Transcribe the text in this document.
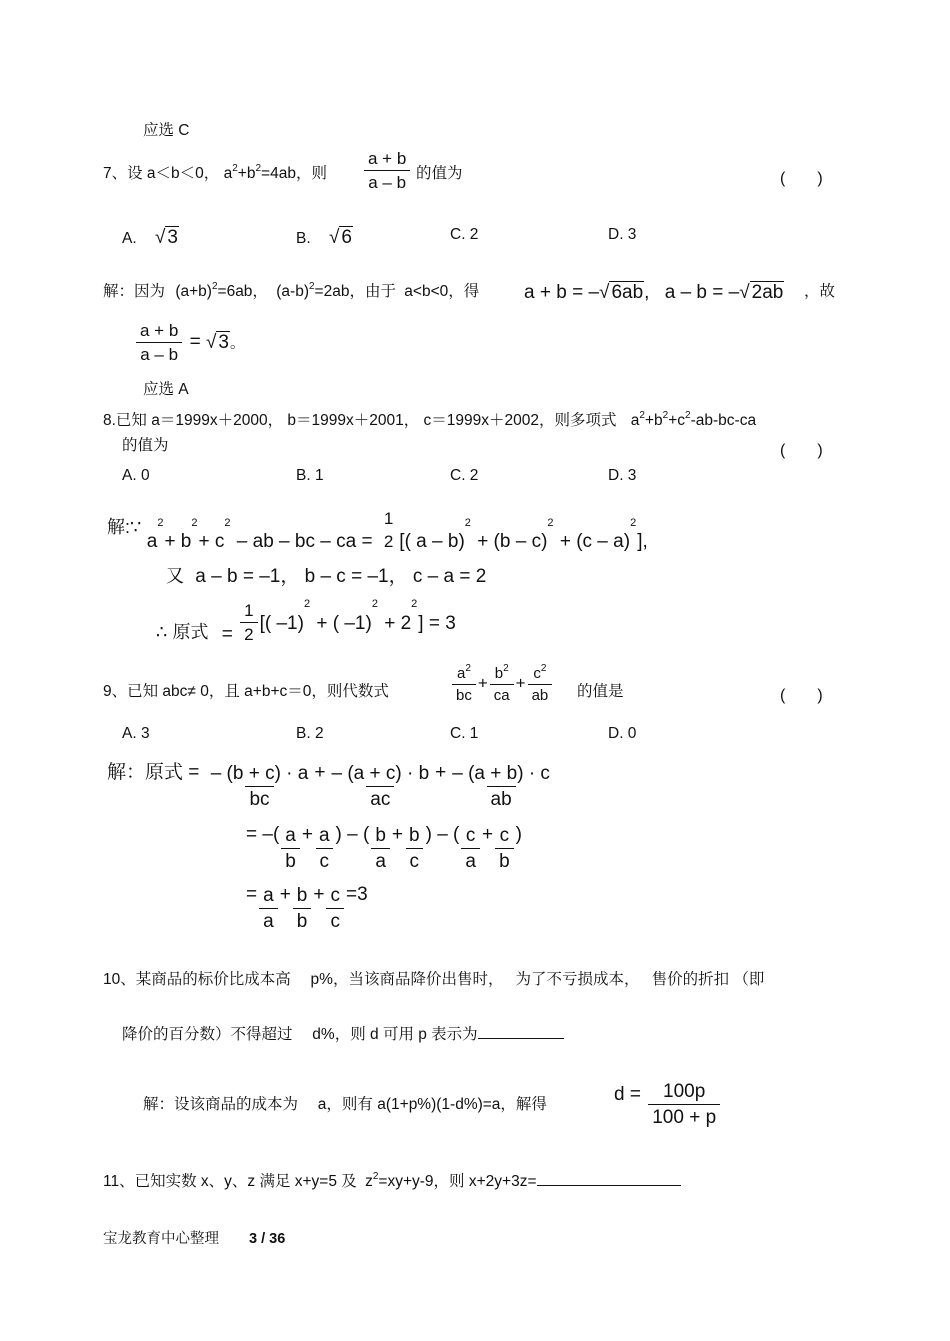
应选 C
7、设 a＜b＜0， $a^2+b^2=4ab$，则 $\frac{a + b}{a - b}$ 的值为	(　　)
A. √ 3	B. √ 6	C. 2	D. 3
解：因为 $(a+b)^2=6ab$， $(a-b)^2=2ab$，由于 a<b<0，得 a + b = –√ 6ab, a – b = –√ 2ab ，故
$\frac{a + b}{a - b}$ = √ 3。
应选 A
8.已知 a＝1999x＋2000， b＝1999x＋2001， c＝1999x＋2002，则多项式 $a^2+b^2+c^2-ab-bc-ca$
的值为	(　　)
A. 0	B. 1	C. 2	D. 3
解:∵ $a^2+ b^2+ c^2$ – ab – bc – ca =
1
2 [( a – b)$^2$ + (b – c)$^2$ + (c – a)$^2$],
又 a – b = –1， b – c = –1， c – a = 2
∴ 原式 = $\frac{1}{2}$ [( –1)$^2$ + ( $-1)^2 + 2^2] = 3$
9、已知 abc≠ 0，且 a+b+c＝0，则代数式	$\frac{a^2}{bc} + \frac{b^2}{ca} + \frac{c^2}{ab}$ 的值是	(　　)
A. 3	B. 2	C. 1	D. 0
解：原式 = $\frac{- (b + c) \cdot a}{bc} + \frac{- (a + c) \cdot b}{ac} + \frac{- (a + b) \cdot c}{ab}$
= –( $\frac{a}{b} + \frac{a}{c}$ ) – ( $\frac{b}{a} + \frac{b}{c}$ ) – ( $\frac{c}{a} + \frac{c}{b}$ )
= $\frac{a}{a} + \frac{b}{b} + \frac{c}{c} =3$
10、某商品的标价比成本高　 p%，当该商品降价出售时，　 为了不亏损成本，　 售价的折扣 （即
降价的百分数）不得超过　 d%，则 d 可用 p 表示为
解：设该商品的成本为　 a，则有 a(1+p%)(1-d%)=a，解得	$d = \frac{100p}{100 + p}$
11、已知实数 x、y、z 满足 x+y=5 及 $z^2=xy+y-9$，则 x+2y+3z=
宝龙教育中心整理 3 / 36
